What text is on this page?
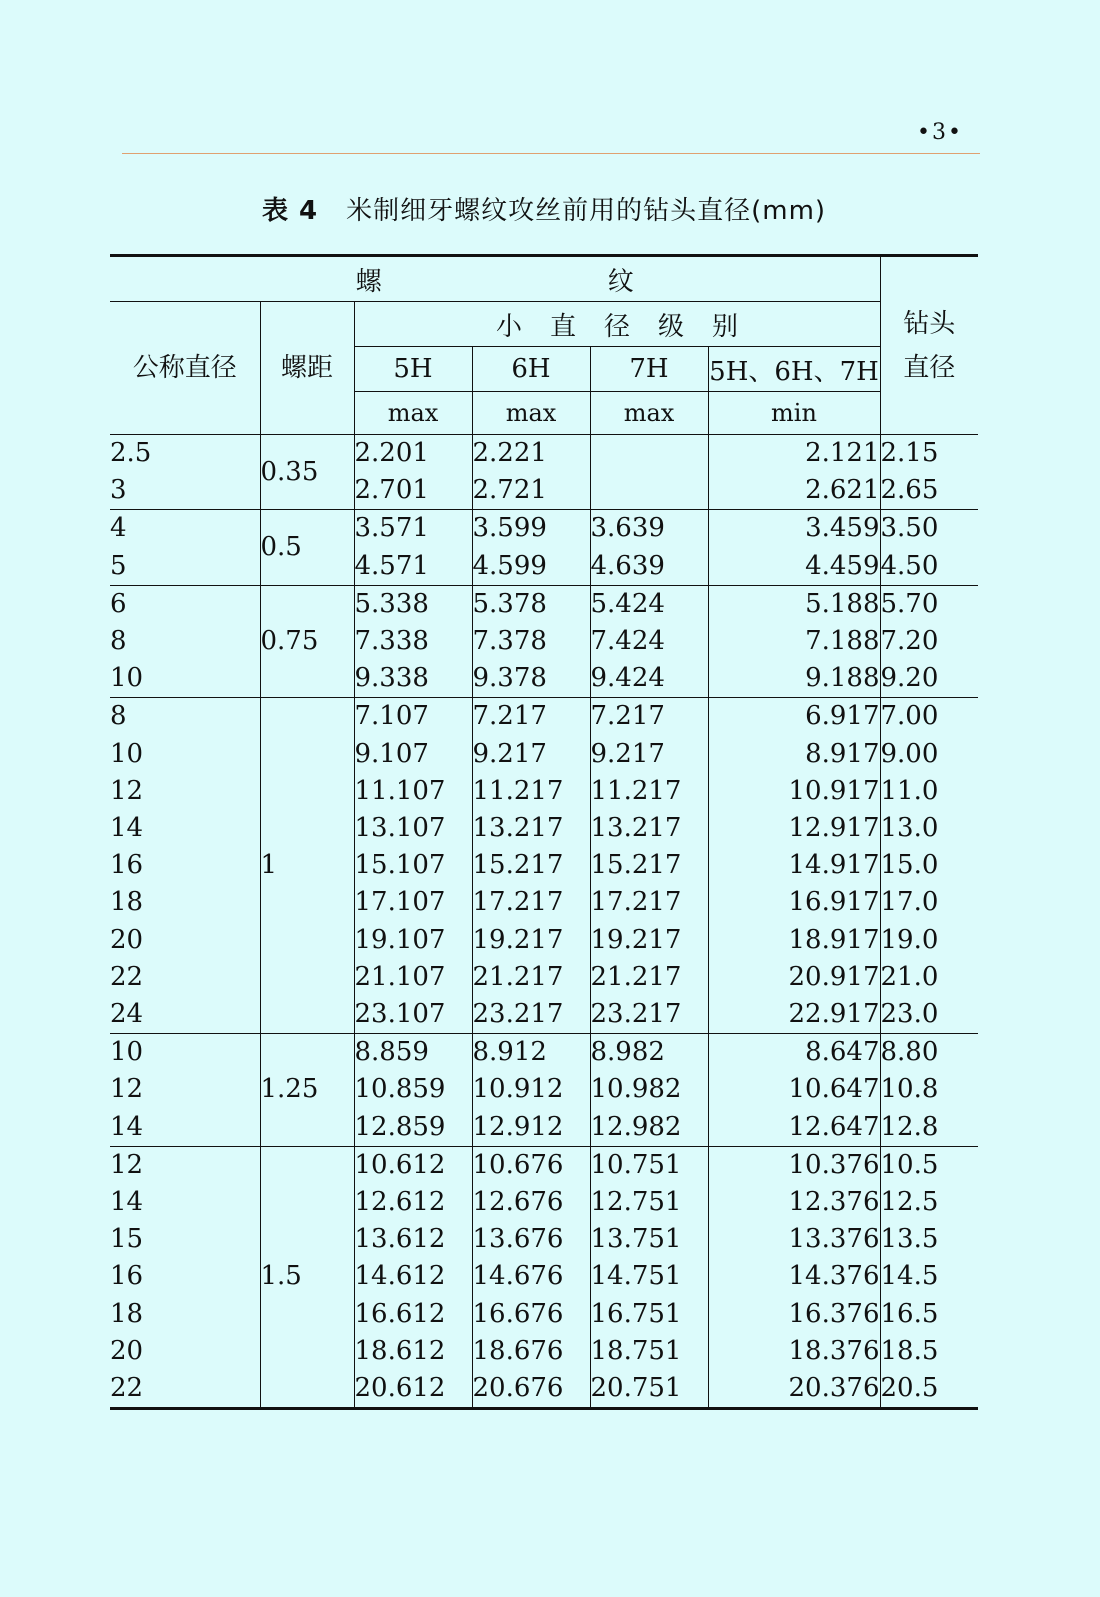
•3•
表 4 米制细牙螺纹攻丝前用的钻头直径(mm)
螺 纹						钻头
直径

公称直径	螺距	小 直 径 级 别				
		5H	6H	7H	5H、6H、7H	
		max	max	max	min	
2.5	0.35	2.201	2.221		2.121	2.15
3		2.701	2.721		2.621	2.65
4	0.5	3.571	3.599	3.639	3.459	3.50
5		4.571	4.599	4.639	4.459	4.50
6	0.75	5.338	5.378	5.424	5.188	5.70
8		7.338	7.378	7.424	7.188	7.20
10		9.338	9.378	9.424	9.188	9.20
8	1	7.107	7.217	7.217	6.917	7.00
10		9.107	9.217	9.217	8.917	9.00
12		11.107	11.217	11.217	10.917	11.0
14		13.107	13.217	13.217	12.917	13.0
16		15.107	15.217	15.217	14.917	15.0
18		17.107	17.217	17.217	16.917	17.0
20		19.107	19.217	19.217	18.917	19.0
22		21.107	21.217	21.217	20.917	21.0
24		23.107	23.217	23.217	22.917	23.0
10	1.25	8.859	8.912	8.982	8.647	8.80
12		10.859	10.912	10.982	10.647	10.8
14		12.859	12.912	12.982	12.647	12.8
12	1.5	10.612	10.676	10.751	10.376	10.5
14		12.612	12.676	12.751	12.376	12.5
15		13.612	13.676	13.751	13.376	13.5
16		14.612	14.676	14.751	14.376	14.5
18		16.612	16.676	16.751	16.376	16.5
20		18.612	18.676	18.751	18.376	18.5
22		20.612	20.676	20.751	20.376	20.5
